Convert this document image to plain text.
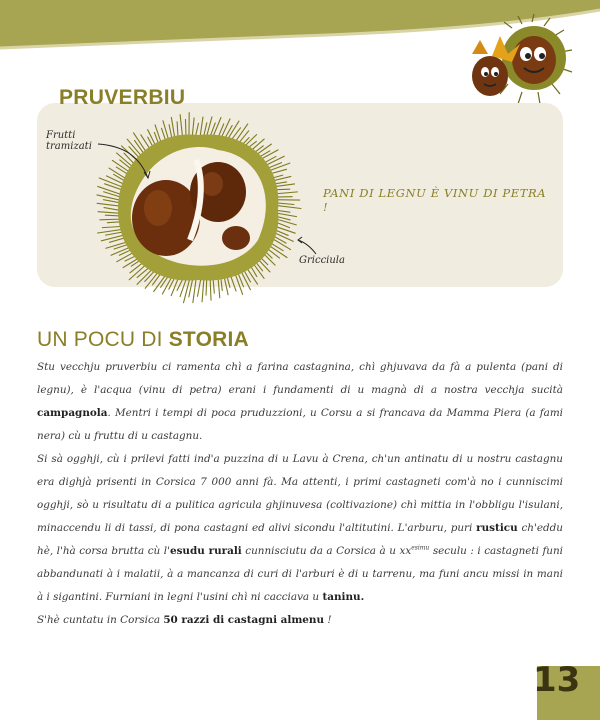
PRUVERBIU
Frutti tramizati
Gricciula
PANI DI LEGNU È VINU DI PETRA !
UN POCU DI STORIA

Stu vecchju pruverbiu ci ramenta chì a farina castagnina, chì ghjuvava da fà a pulenta (pani di legnu), è l'acqua (vinu di petra) erani i fundamenti di u magnà di a nostra vecchja sucità campagnola. Mentri i tempi di poca pruduzzioni, u Corsu a si francava da Mamma Piera (a fami nera) cù u fruttu di u castagnu.

Si sà ogghji, cù i prilevi fatti ind'a puzzina di u Lavu à Crena, ch'un antinatu di u nostru castagnu era dighjà prisenti in Corsica 7 000 anni fà. Ma attenti, i primi castagneti com'à no i cunniscimi ogghji, sò u risultatu di a pulitica agricula ghjinuvesa (coltivazione) chì mittia in l'obbligu l'isulani, minaccendu li di tassi, di pona castagni ed alivi sicondu l'altitutini. L'arburu, puri rusticu ch'eddu hè, l'hà corsa brutta cù l'esudu rurali cunnisciutu da a Corsica à u $xx^{esimu}$ seculu : i castagneti funi abbandunati à i malatii, à a mancanza di curi di l'arburi è di u tarrenu, ma funi ancu missi in mani à i sigantini. Furniani in legni l'usini chì ni cacciava u taninu.

S'hè cuntatu in Corsica 50 razzi di castagni almenu !

13
